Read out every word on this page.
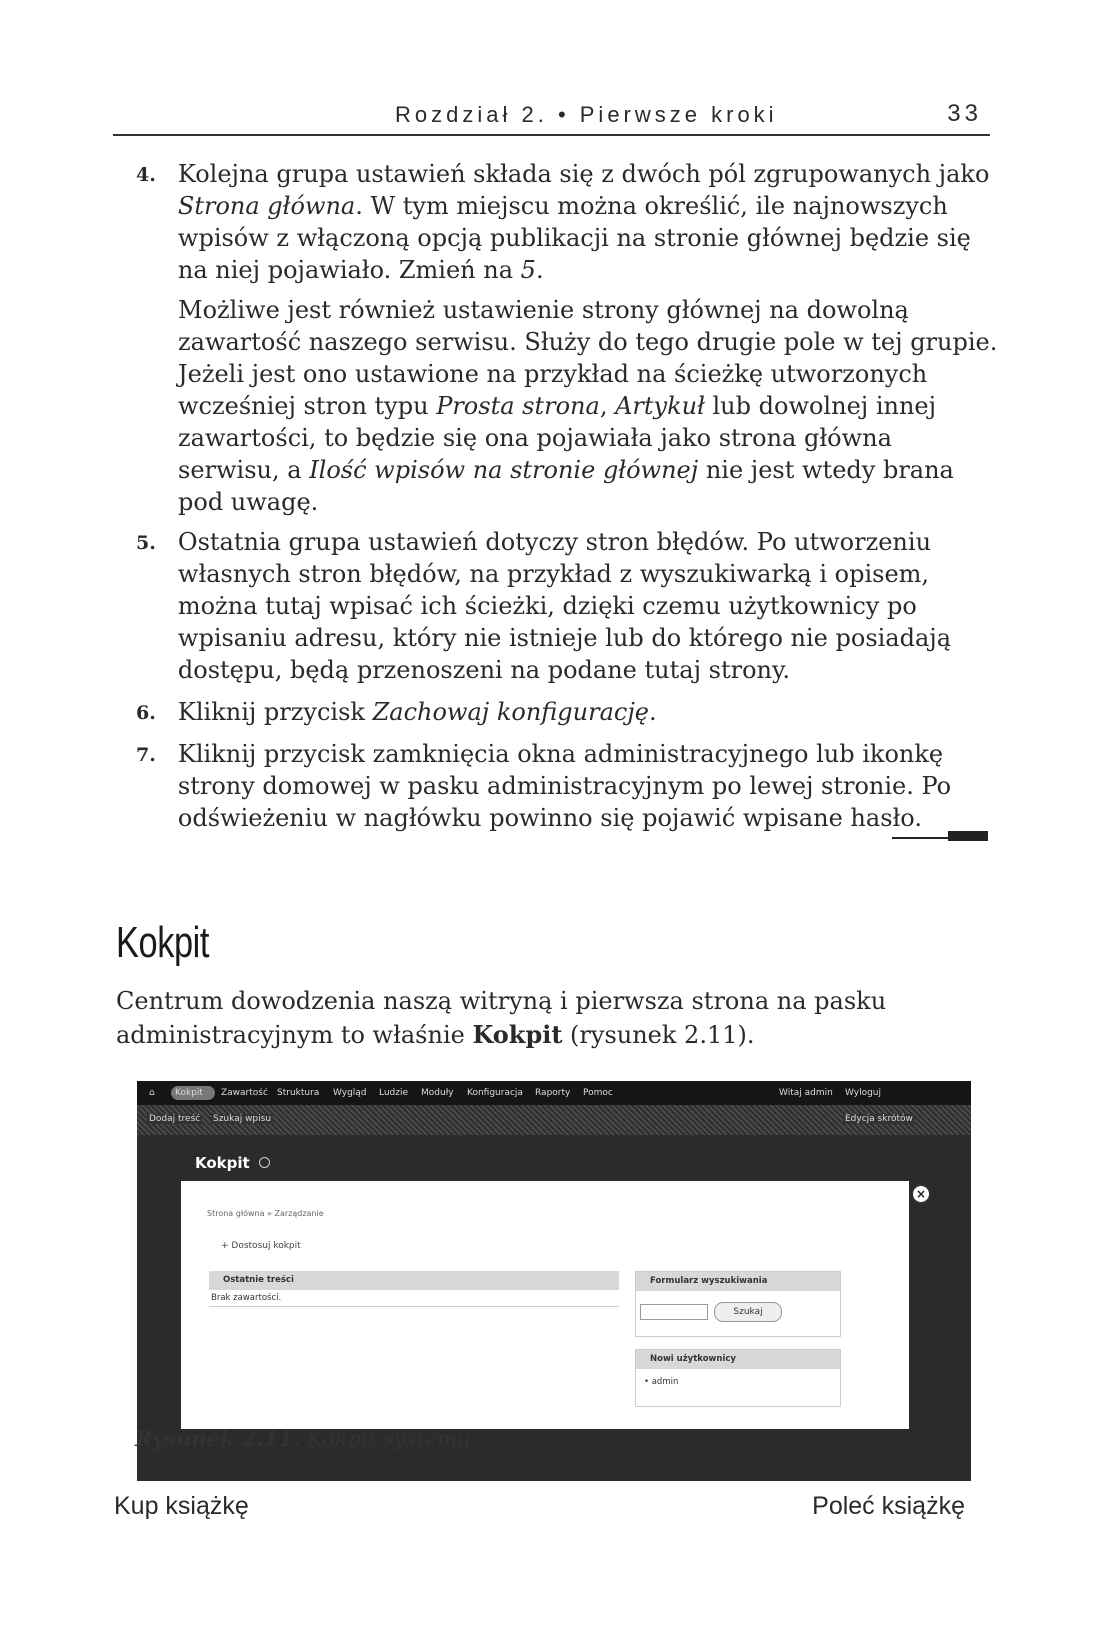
Rozdział 2. • Pierwsze kroki	33
4. Kolejna grupa ustawień składa się z dwóch pól zgrupowanych jako Strona główna. W tym miejscu można określić, ile najnowszych wpisów z włączoną opcją publikacji na stronie głównej będzie się na niej pojawiało. Zmień na 5.
Możliwe jest również ustawienie strony głównej na dowolną zawartość naszego serwisu. Służy do tego drugie pole w tej grupie. Jeżeli jest ono ustawione na przykład na ścieżkę utworzonych wcześniej stron typu Prosta strona, Artykuł lub dowolnej innej zawartości, to będzie się ona pojawiała jako strona główna serwisu, a Ilość wpisów na stronie głównej nie jest wtedy brana pod uwagę.
5. Ostatnia grupa ustawień dotyczy stron błędów. Po utworzeniu własnych stron błędów, na przykład z wyszukiwarką i opisem, można tutaj wpisać ich ścieżki, dzięki czemu użytkownicy po wpisaniu adresu, który nie istnieje lub do którego nie posiadają dostępu, będą przenoszeni na podane tutaj strony.
6. Kliknij przycisk Zachowaj konfigurację.
7. Kliknij przycisk zamknięcia okna administracyjnego lub ikonkę strony domowej w pasku administracyjnym po lewej stronie. Po odświeżeniu w nagłówku powinno się pojawić wpisane hasło.
Kokpit
Centrum dowodzenia naszą witryną i pierwsza strona na pasku administracyjnym to właśnie Kokpit (rysunek 2.11).
⌂ Kokpit Zawartość Struktura Wygląd Ludzie Moduły Konfiguracja Raporty Pomoc	Witaj admin Wyloguj
Dodaj treść Szukaj wpisu	Edycja skrótów
Kokpit
×
Strona główna » Zarządzanie
+ Dostosuj kokpit
Ostatnie treści
Brak zawartości.
Formularz wyszukiwania
Szukaj
Nowi użytkownicy
• admin
Rysunek 2.11. Kokpit systemu
Kup książkę	Poleć książkę
